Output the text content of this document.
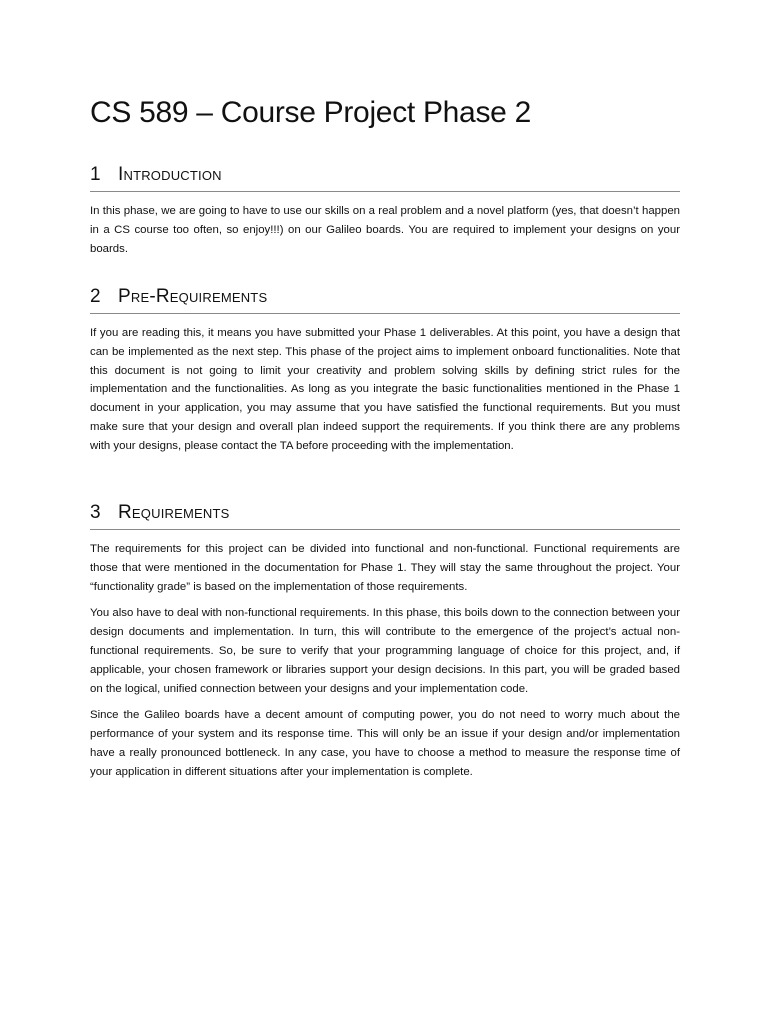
CS 589 – Course Project Phase 2
1 Introduction

In this phase, we are going to have to use our skills on a real problem and a novel platform (yes, that doesn’t happen in a CS course too often, so enjoy!!!) on our Galileo boards. You are required to implement your designs on your boards.

2 Pre-Requirements

If you are reading this, it means you have submitted your Phase 1 deliverables. At this point, you have a design that can be implemented as the next step. This phase of the project aims to implement onboard functionalities. Note that this document is not going to limit your creativity and problem solving skills by defining strict rules for the implementation and the functionalities. As long as you integrate the basic functionalities mentioned in the Phase 1 document in your application, you may assume that you have satisfied the functional requirements. But you must make sure that your design and overall plan indeed support the requirements. If you think there are any problems with your designs, please contact the TA before proceeding with the implementation.

3 Requirements

The requirements for this project can be divided into functional and non-functional. Functional requirements are those that were mentioned in the documentation for Phase 1. They will stay the same throughout the project. Your “functionality grade” is based on the implementation of those requirements.

You also have to deal with non-functional requirements. In this phase, this boils down to the connection between your design documents and implementation. In turn, this will contribute to the emergence of the project’s actual non-functional requirements. So, be sure to verify that your programming language of choice for this project, and, if applicable, your chosen framework or libraries support your design decisions. In this part, you will be graded based on the logical, unified connection between your designs and your implementation code.

Since the Galileo boards have a decent amount of computing power, you do not need to worry much about the performance of your system and its response time. This will only be an issue if your design and/or implementation have a really pronounced bottleneck. In any case, you have to choose a method to measure the response time of your application in different situations after your implementation is complete.
